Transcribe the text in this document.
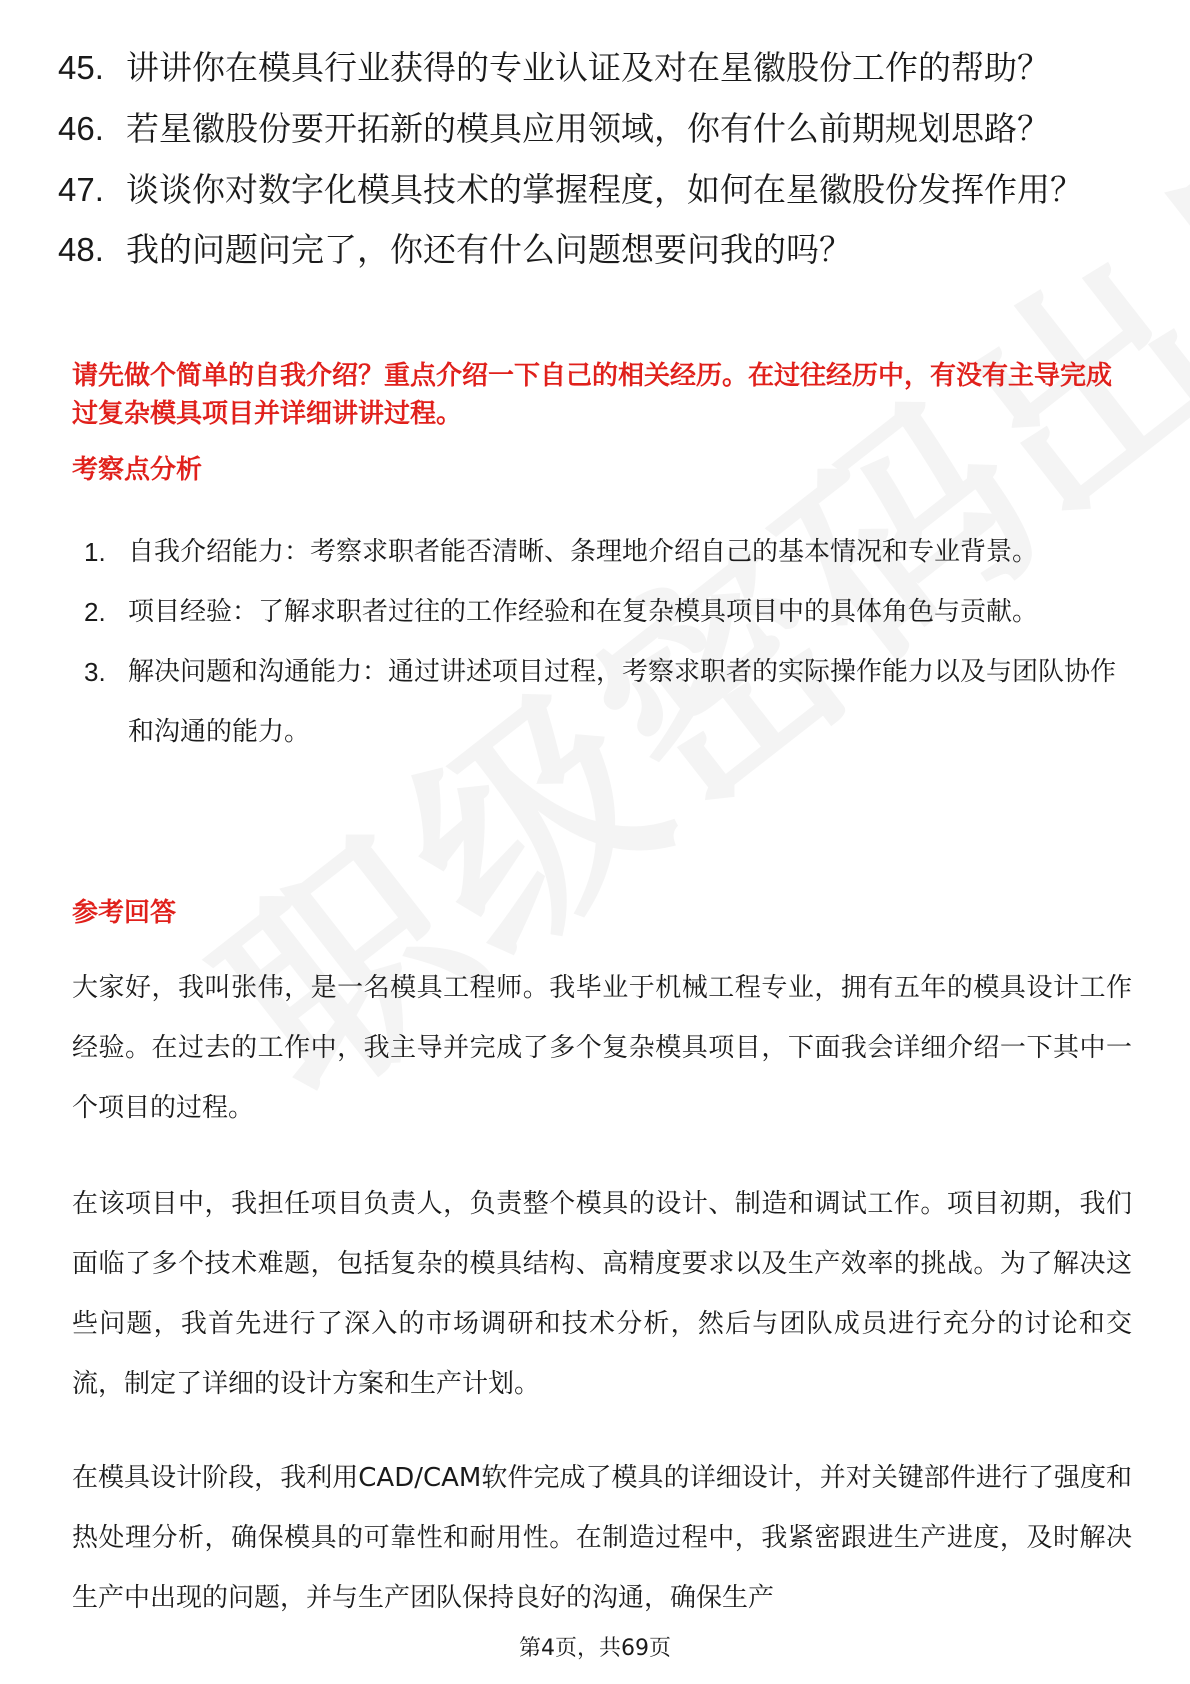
45. 讲讲你在模具行业获得的专业认证及对在星徽股份工作的帮助？
46. 若星徽股份要开拓新的模具应用领域，你有什么前期规划思路？
47. 谈谈你对数字化模具技术的掌握程度，如何在星徽股份发挥作用？
48. 我的问题问完了，你还有什么问题想要问我的吗？
请先做个简单的自我介绍？重点介绍一下自己的相关经历。在过往经历中，有没有主导完成过复杂模具项目并详细讲讲过程。
考察点分析
1. 自我介绍能力：考察求职者能否清晰、条理地介绍自己的基本情况和专业背景。
2. 项目经验：了解求职者过往的工作经验和在复杂模具项目中的具体角色与贡献。
3. 解决问题和沟通能力：通过讲述项目过程，考察求职者的实际操作能力以及与团队协作和沟通的能力。
参考回答
大家好，我叫张伟，是一名模具工程师。我毕业于机械工程专业，拥有五年的模具设计工作经验。在过去的工作中，我主导并完成了多个复杂模具项目，下面我会详细介绍一下其中一个项目的过程。
在该项目中，我担任项目负责人，负责整个模具的设计、制造和调试工作。项目初期，我们面临了多个技术难题，包括复杂的模具结构、高精度要求以及生产效率的挑战。为了解决这些问题，我首先进行了深入的市场调研和技术分析，然后与团队成员进行充分的讨论和交流，制定了详细的设计方案和生产计划。
在模具设计阶段，我利用CAD/CAM软件完成了模具的详细设计，并对关键部件进行了强度和热处理分析，确保模具的可靠性和耐用性。在制造过程中，我紧密跟进生产进度，及时解决生产中出现的问题，并与生产团队保持良好的沟通，确保生产
第4页，共69页
